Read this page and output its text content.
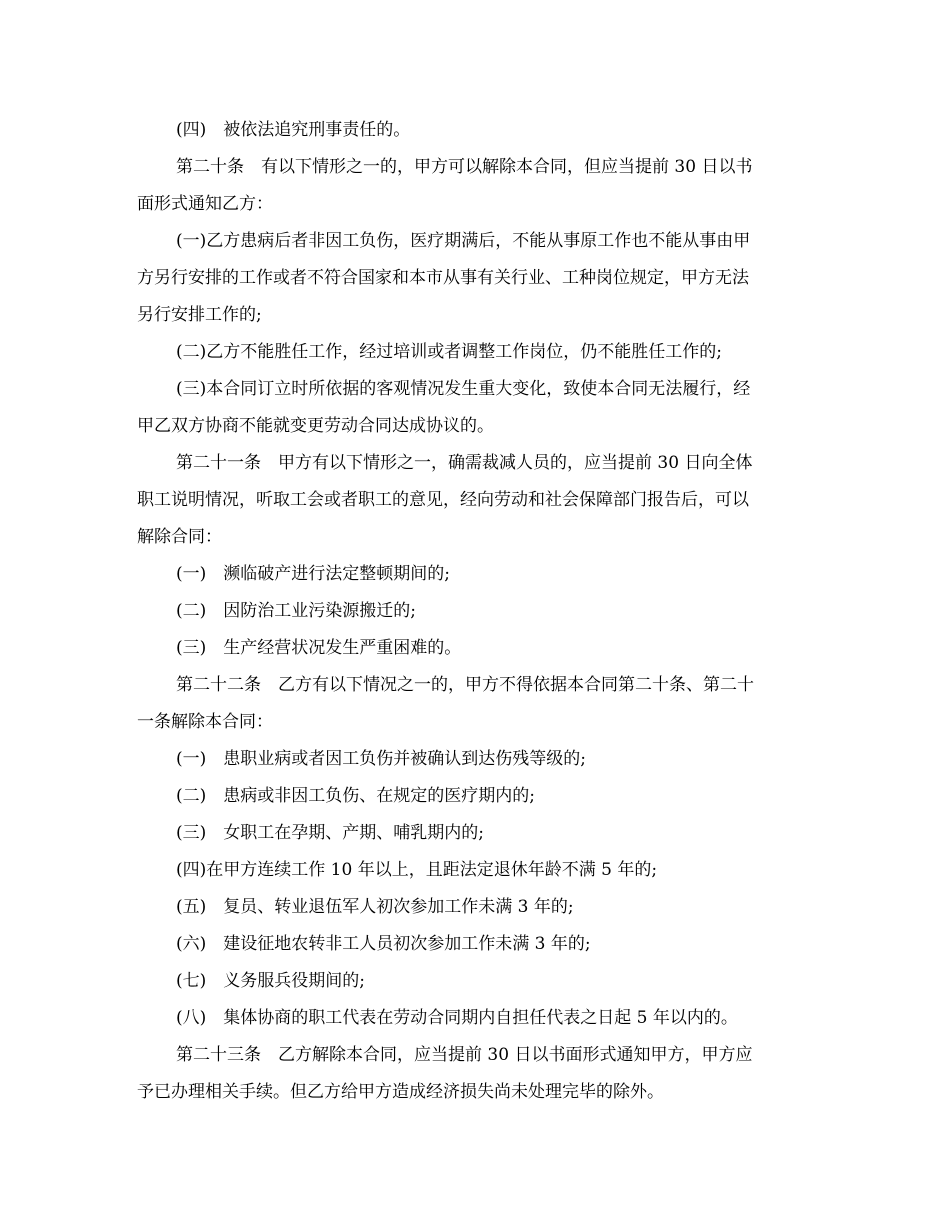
(四)　被依法追究刑事责任的。
第二十条　有以下情形之一的，甲方可以解除本合同，但应当提前 30 日以书
面形式通知乙方：
(一)乙方患病后者非因工负伤，医疗期满后，不能从事原工作也不能从事由甲
方另行安排的工作或者不符合国家和本市从事有关行业、工种岗位规定，甲方无法
另行安排工作的;
(二)乙方不能胜任工作，经过培训或者调整工作岗位，仍不能胜任工作的;
(三)本合同订立时所依据的客观情况发生重大变化，致使本合同无法履行，经
甲乙双方协商不能就变更劳动合同达成协议的。
第二十一条　甲方有以下情形之一，确需裁减人员的，应当提前 30 日向全体
职工说明情况，听取工会或者职工的意见，经向劳动和社会保障部门报告后，可以
解除合同：
(一)　濒临破产进行法定整顿期间的;
(二)　因防治工业污染源搬迁的;
(三)　生产经营状况发生严重困难的。
第二十二条　乙方有以下情况之一的，甲方不得依据本合同第二十条、第二十
一条解除本合同：
(一)　患职业病或者因工负伤并被确认到达伤残等级的;
(二)　患病或非因工负伤、在规定的医疗期内的;
(三)　女职工在孕期、产期、哺乳期内的;
(四)在甲方连续工作 10 年以上，且距法定退休年龄不满 5 年的;
(五)　复员、转业退伍军人初次参加工作未满 3 年的;
(六)　建设征地农转非工人员初次参加工作未满 3 年的;
(七)　义务服兵役期间的;
(八)　集体协商的职工代表在劳动合同期内自担任代表之日起 5 年以内的。
第二十三条　乙方解除本合同，应当提前 30 日以书面形式通知甲方，甲方应
予已办理相关手续。但乙方给甲方造成经济损失尚未处理完毕的除外。
